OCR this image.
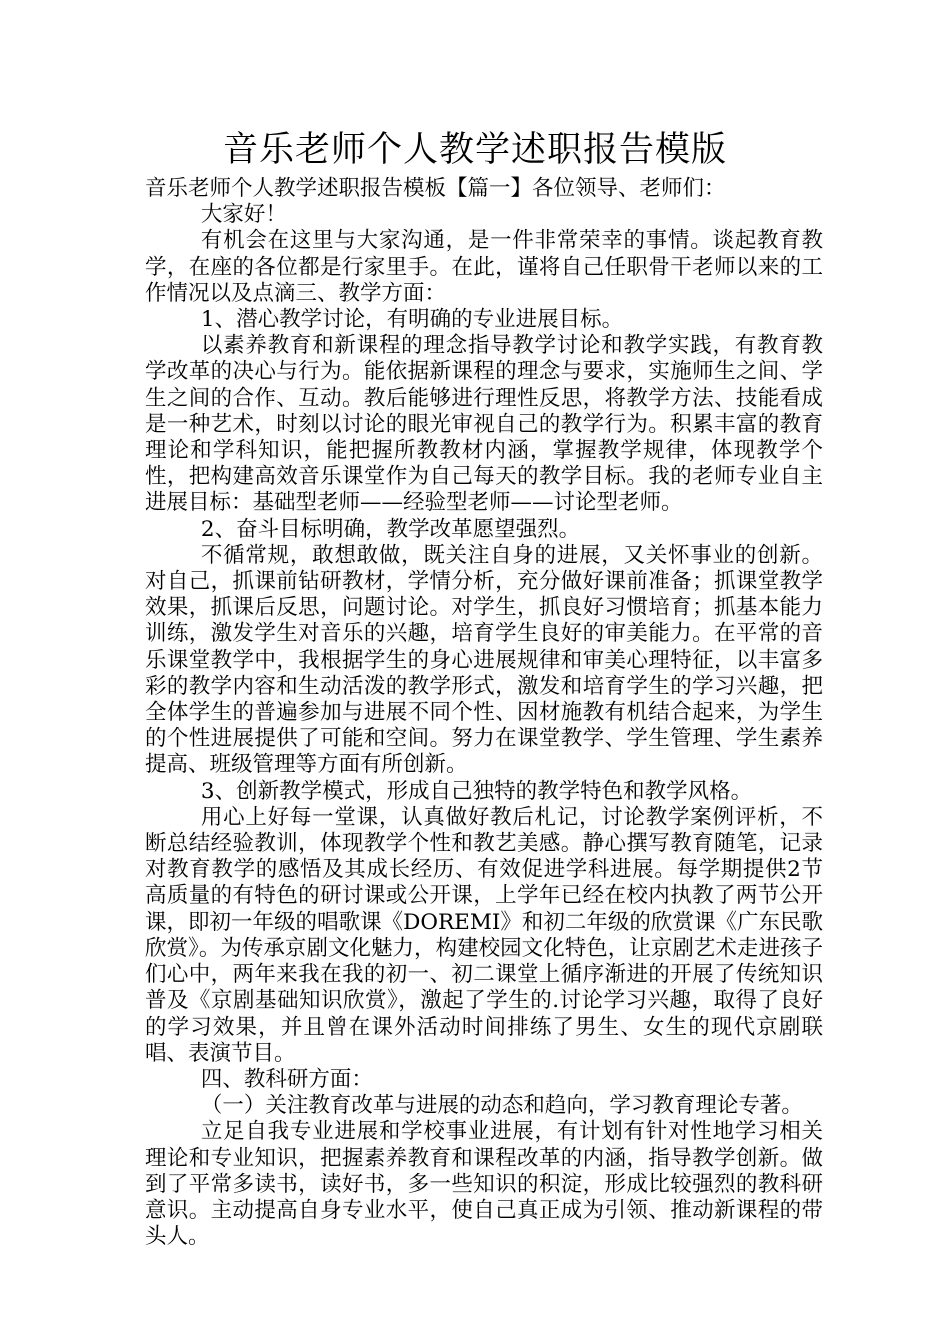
音乐老师个人教学述职报告模版

音乐老师个人教学述职报告模板【篇一】各位领导、老师们：

大家好！

有机会在这里与大家沟通，是一件非常荣幸的事情。谈起教育教学，在座的各位都是行家里手。在此，谨将自己任职骨干老师以来的工作情况以及点滴三、教学方面：

1、潜心教学讨论，有明确的专业进展目标。

以素养教育和新课程的理念指导教学讨论和教学实践，有教育教学改革的决心与行为。能依据新课程的理念与要求，实施师生之间、学生之间的合作、互动。教后能够进行理性反思，将教学方法、技能看成是一种艺术，时刻以讨论的眼光审视自己的教学行为。积累丰富的教育理论和学科知识，能把握所教教材内涵，掌握教学规律，体现教学个性，把构建高效音乐课堂作为自己每天的教学目标。我的老师专业自主进展目标：基础型老师——经验型老师——讨论型老师。

2、奋斗目标明确，教学改革愿望强烈。

不循常规，敢想敢做，既关注自身的进展，又关怀事业的创新。对自己，抓课前钻研教材，学情分析，充分做好课前准备；抓课堂教学效果，抓课后反思，问题讨论。对学生，抓良好习惯培育；抓基本能力训练，激发学生对音乐的兴趣，培育学生良好的审美能力。在平常的音乐课堂教学中，我根据学生的身心进展规律和审美心理特征，以丰富多彩的教学内容和生动活泼的教学形式，激发和培育学生的学习兴趣，把全体学生的普遍参加与进展不同个性、因材施教有机结合起来，为学生的个性进展提供了可能和空间。努力在课堂教学、学生管理、学生素养提高、班级管理等方面有所创新。

3、创新教学模式，形成自己独特的教学特色和教学风格。

用心上好每一堂课，认真做好教后札记，讨论教学案例评析，不断总结经验教训，体现教学个性和教艺美感。静心撰写教育随笔，记录对教育教学的感悟及其成长经历、有效促进学科进展。每学期提供2节高质量的有特色的研讨课或公开课，上学年已经在校内执教了两节公开课，即初一年级的唱歌课《DOREMI》和初二年级的欣赏课《广东民歌欣赏》。为传承京剧文化魅力，构建校园文化特色，让京剧艺术走进孩子们心中，两年来我在我的初一、初二课堂上循序渐进的开展了传统知识普及《京剧基础知识欣赏》，激起了学生的.讨论学习兴趣，取得了良好的学习效果，并且曾在课外活动时间排练了男生、女生的现代京剧联唱、表演节目。

四、教科研方面：

（一）关注教育改革与进展的动态和趋向，学习教育理论专著。

立足自我专业进展和学校事业进展，有计划有针对性地学习相关理论和专业知识，把握素养教育和课程改革的内涵，指导教学创新。做到了平常多读书，读好书，多一些知识的积淀，形成比较强烈的教科研意识。主动提高自身专业水平，使自己真正成为引领、推动新课程的带头人。
